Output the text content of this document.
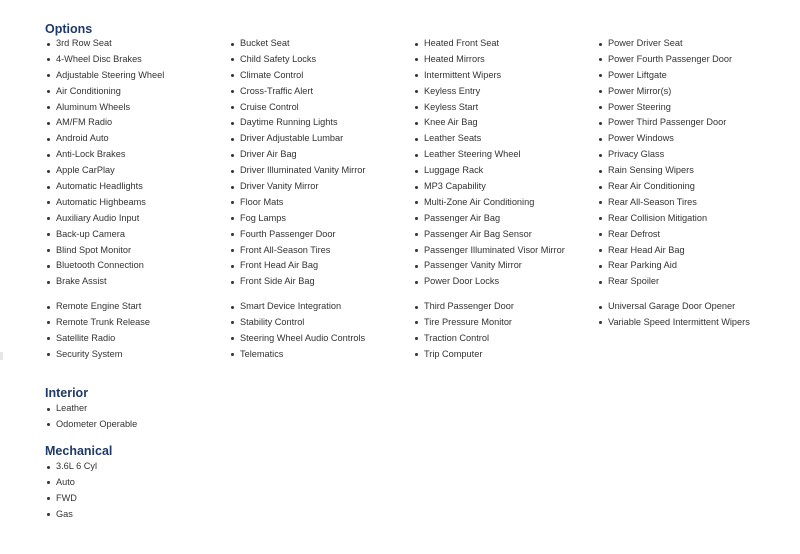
Options
3rd Row Seat
4-Wheel Disc Brakes
Adjustable Steering Wheel
Air Conditioning
Aluminum Wheels
AM/FM Radio
Android Auto
Anti-Lock Brakes
Apple CarPlay
Automatic Headlights
Automatic Highbeams
Auxiliary Audio Input
Back-up Camera
Blind Spot Monitor
Bluetooth Connection
Brake Assist
Bucket Seat
Child Safety Locks
Climate Control
Cross-Traffic Alert
Cruise Control
Daytime Running Lights
Driver Adjustable Lumbar
Driver Air Bag
Driver Illuminated Vanity Mirror
Driver Vanity Mirror
Floor Mats
Fog Lamps
Fourth Passenger Door
Front All-Season Tires
Front Head Air Bag
Front Side Air Bag
Heated Front Seat
Heated Mirrors
Intermittent Wipers
Keyless Entry
Keyless Start
Knee Air Bag
Leather Seats
Leather Steering Wheel
Luggage Rack
MP3 Capability
Multi-Zone Air Conditioning
Passenger Air Bag
Passenger Air Bag Sensor
Passenger Illuminated Visor Mirror
Passenger Vanity Mirror
Power Door Locks
Power Driver Seat
Power Fourth Passenger Door
Power Liftgate
Power Mirror(s)
Power Steering
Power Third Passenger Door
Power Windows
Privacy Glass
Rain Sensing Wipers
Rear Air Conditioning
Rear All-Season Tires
Rear Collision Mitigation
Rear Defrost
Rear Head Air Bag
Rear Parking Aid
Rear Spoiler
Remote Engine Start
Remote Trunk Release
Satellite Radio
Security System
Smart Device Integration
Stability Control
Steering Wheel Audio Controls
Telematics
Third Passenger Door
Tire Pressure Monitor
Traction Control
Trip Computer
Universal Garage Door Opener
Variable Speed Intermittent Wipers
Interior
Leather
Odometer Operable
Mechanical
3.6L 6 Cyl
Auto
FWD
Gas
